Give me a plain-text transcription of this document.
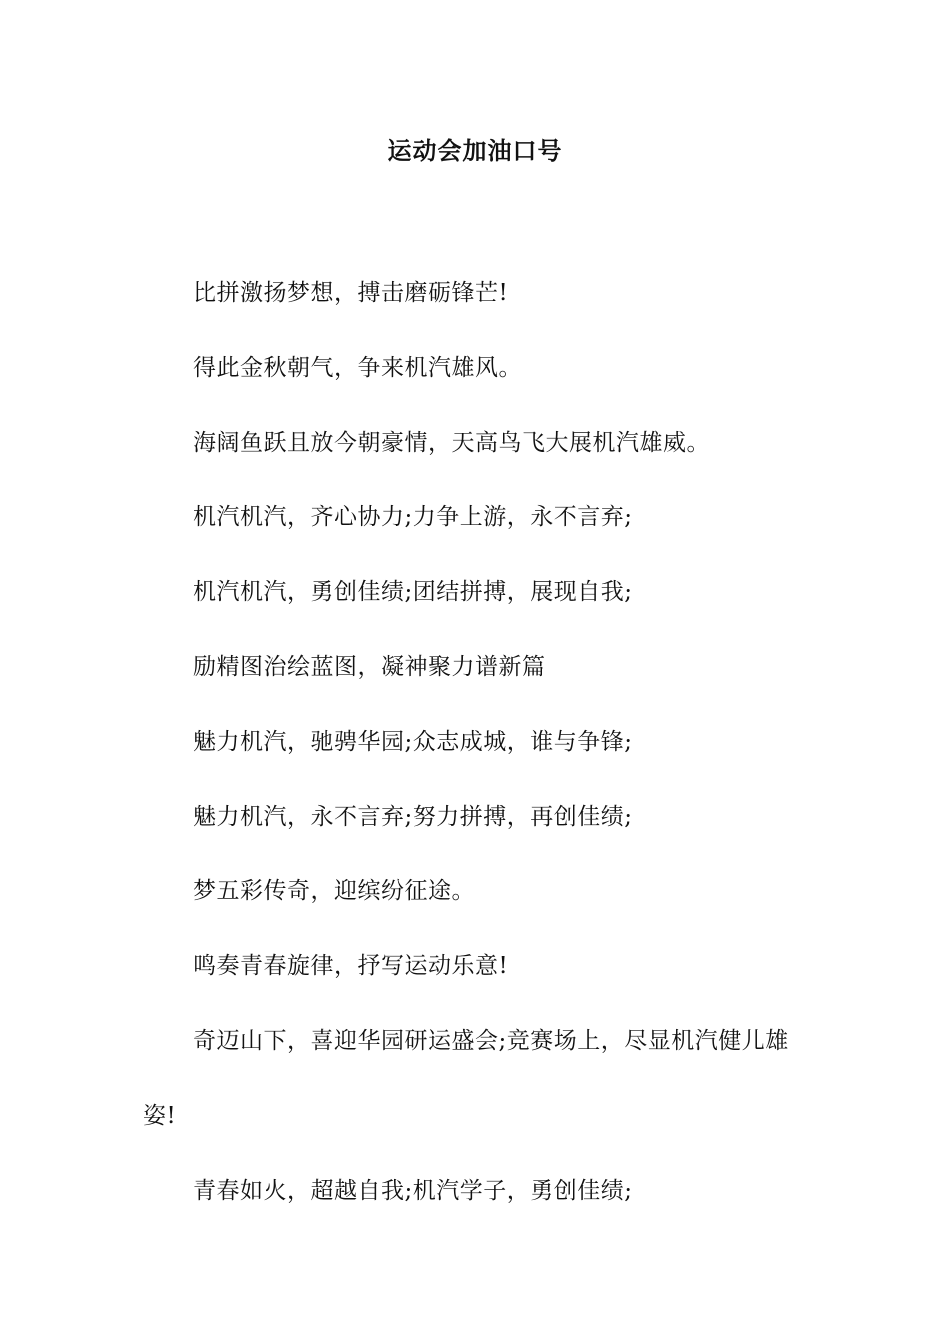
运动会加油口号

比拼激扬梦想，搏击磨砺锋芒!

得此金秋朝气，争来机汽雄风。

海阔鱼跃且放今朝豪情，天高鸟飞大展机汽雄威。

机汽机汽，齐心协力;力争上游，永不言弃;

机汽机汽，勇创佳绩;团结拼搏，展现自我;

励精图治绘蓝图，凝神聚力谱新篇

魅力机汽，驰骋华园;众志成城，谁与争锋;

魅力机汽，永不言弃;努力拼搏，再创佳绩;

梦五彩传奇，迎缤纷征途。

鸣奏青春旋律，抒写运动乐意!

奇迈山下，喜迎华园研运盛会;竞赛场上，尽显机汽健儿雄姿!

青春如火，超越自我;机汽学子，勇创佳绩;
